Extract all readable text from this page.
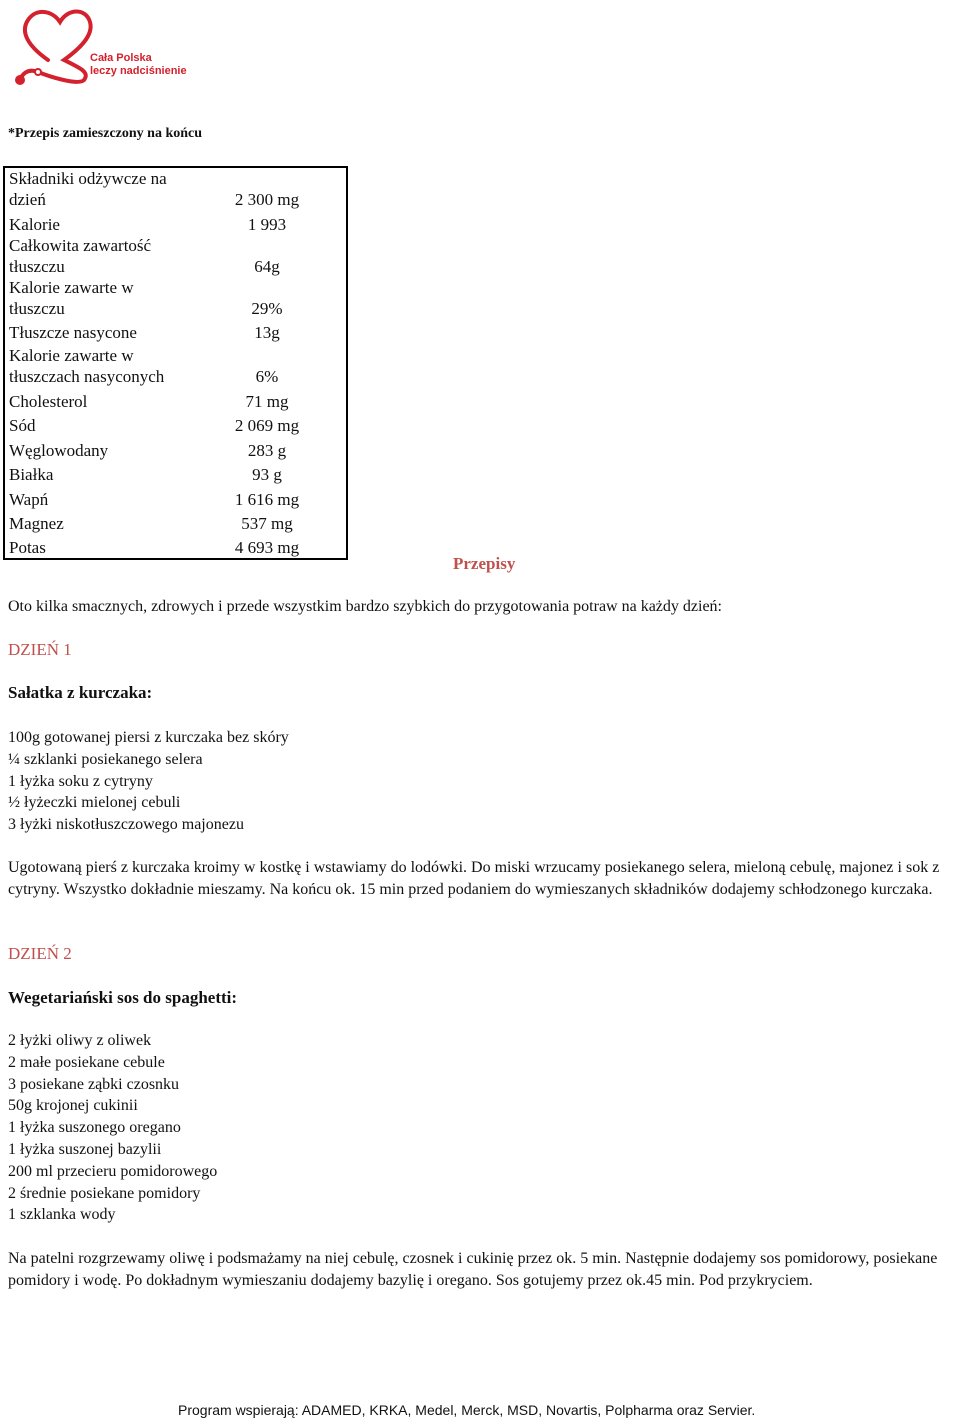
Cała Polska
leczy nadciśnienie
*Przepis zamieszczony na końcu
Składniki odżywcze na dzień	2 300 mg
Kalorie	1 993
Całkowita zawartość tłuszczu	64g
Kalorie zawarte w tłuszczu	29%
Tłuszcze nasycone	13g
Kalorie zawarte w tłuszczach nasyconych	6%
Cholesterol	71 mg
Sód	2 069 mg
Węglowodany	283 g
Białka	93 g
Wapń	1 616 mg
Magnez	537 mg
Potas	4 693 mg
Przepisy
Oto kilka smacznych, zdrowych i przede wszystkim bardzo szybkich do przygotowania potraw na każdy dzień:
DZIEŃ 1
Sałatka z kurczaka:
100g gotowanej piersi z kurczaka bez skóry
¼ szklanki posiekanego selera
1 łyżka soku z cytryny
½ łyżeczki mielonej cebuli
3 łyżki niskotłuszczowego majonezu
Ugotowaną pierś z kurczaka kroimy w kostkę i wstawiamy do lodówki. Do miski wrzucamy posiekanego selera, mieloną cebulę, majonez i sok z cytryny. Wszystko dokładnie mieszamy. Na końcu ok. 15 min przed podaniem do wymieszanych składników dodajemy schłodzonego kurczaka.
DZIEŃ 2
Wegetariański sos do spaghetti:
2 łyżki oliwy z oliwek
2 małe posiekane cebule
3 posiekane ząbki czosnku
50g krojonej cukinii
1 łyżka suszonego oregano
1 łyżka suszonej bazylii
200 ml przecieru pomidorowego
2 średnie posiekane pomidory
1 szklanka wody
Na patelni rozgrzewamy oliwę i podsmażamy na niej cebulę, czosnek i cukinię przez ok. 5 min. Następnie dodajemy sos pomidorowy, posiekane pomidory i wodę. Po dokładnym wymieszaniu dodajemy bazylię i oregano. Sos gotujemy przez ok.45 min. Pod przykryciem.
Program wspierają: ADAMED, KRKA, Medel, Merck, MSD, Novartis, Polpharma oraz Servier.
